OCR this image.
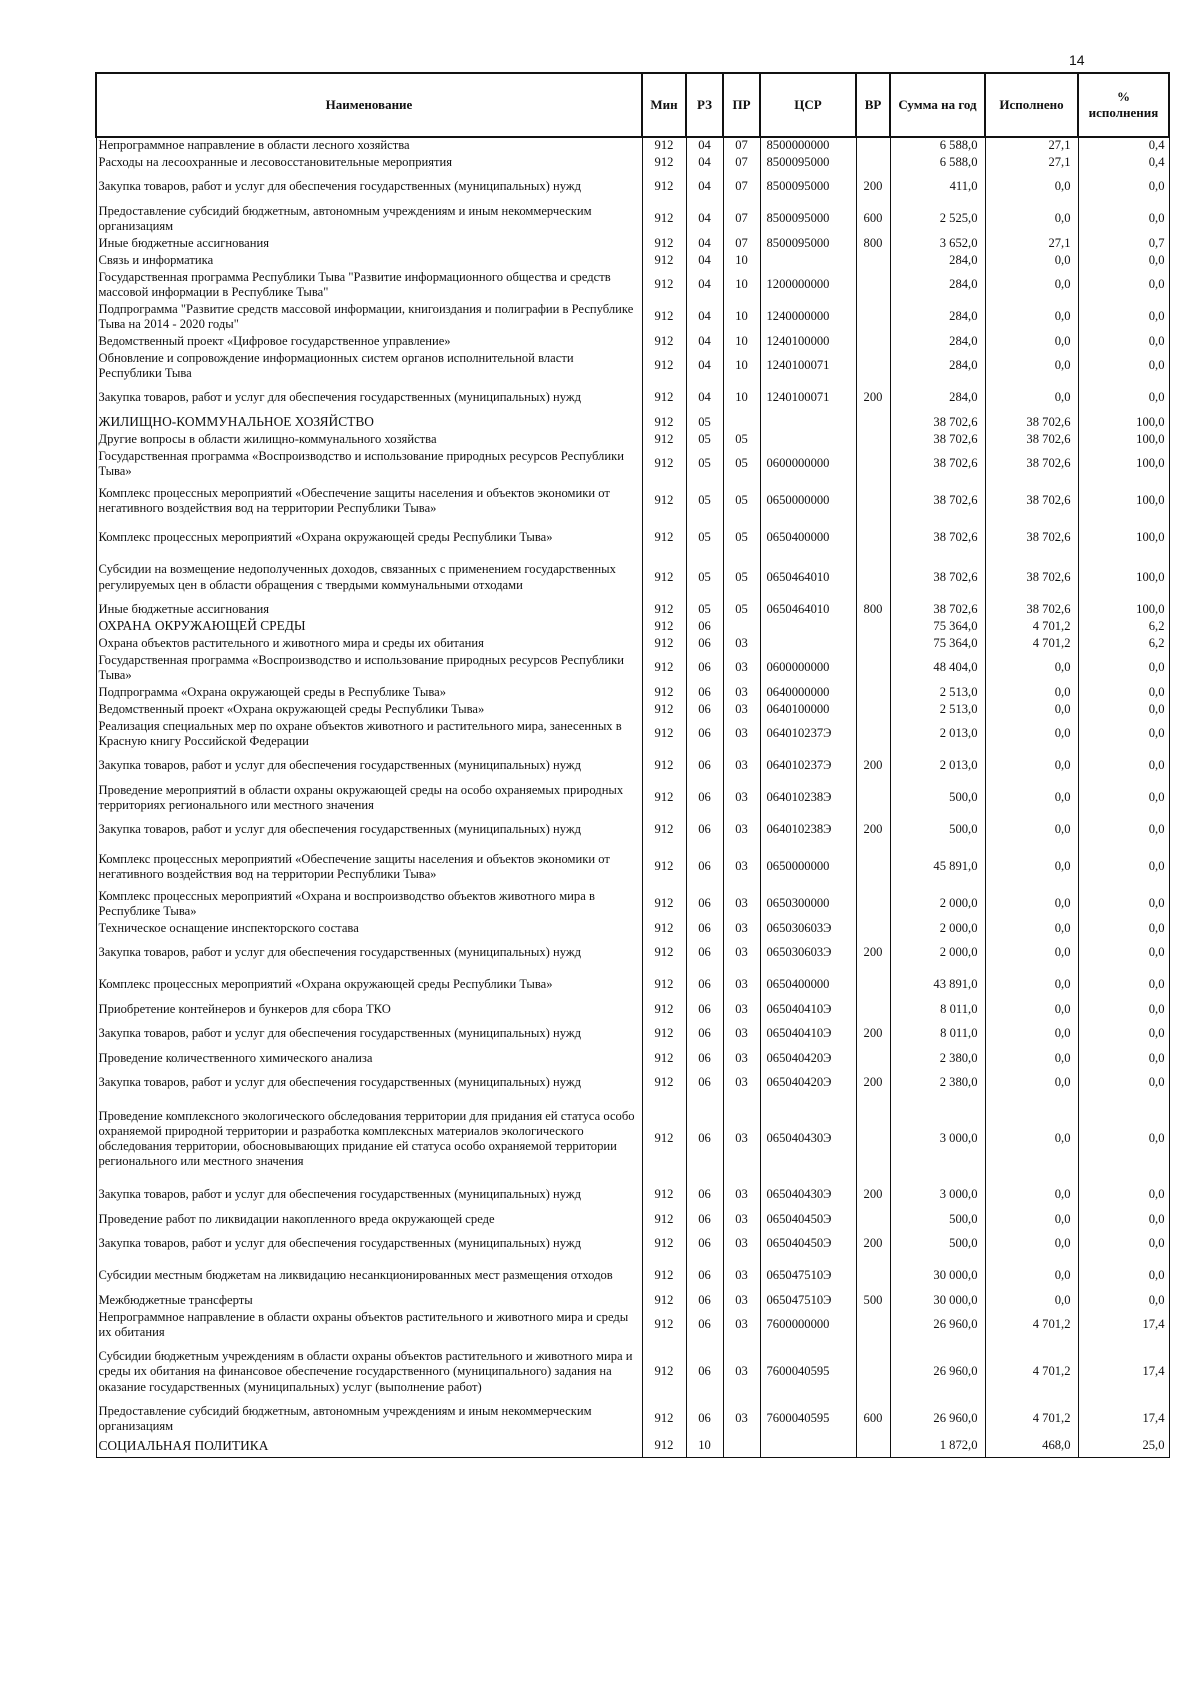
14
Наименование	Мин	РЗ	ПР	ЦСР	ВР	Сумма на год	Исполнено	% исполнения
Непрограммное направление в области лесного хозяйства	912	04	07	8500000000		6 588,0	27,1	0,4
Расходы на лесоохранные и лесовосстановительные мероприятия	912	04	07	8500095000		6 588,0	27,1	0,4
Закупка товаров, работ и услуг для обеспечения государственных (муниципальных) нужд	912	04	07	8500095000	200	411,0	0,0	0,0
Предоставление субсидий бюджетным, автономным учреждениям и иным некоммерческим организациям	912	04	07	8500095000	600	2 525,0	0,0	0,0
Иные бюджетные ассигнования	912	04	07	8500095000	800	3 652,0	27,1	0,7
Связь и информатика	912	04	10			284,0	0,0	0,0
Государственная программа Республики Тыва "Развитие информационного общества и средств массовой информации в Республике Тыва"	912	04	10	1200000000		284,0	0,0	0,0
Подпрограмма "Развитие средств массовой информации, книгоиздания и полиграфии в Республике Тыва на 2014 - 2020 годы"	912	04	10	1240000000		284,0	0,0	0,0
Ведомственный проект «Цифровое государственное управление»	912	04	10	1240100000		284,0	0,0	0,0
Обновление и сопровождение информационных систем органов исполнительной власти Республики Тыва	912	04	10	1240100071		284,0	0,0	0,0
Закупка товаров, работ и услуг для обеспечения государственных (муниципальных) нужд	912	04	10	1240100071	200	284,0	0,0	0,0
ЖИЛИЩНО-КОММУНАЛЬНОЕ ХОЗЯЙСТВО	912	05				38 702,6	38 702,6	100,0
Другие вопросы в области жилищно-коммунального хозяйства	912	05	05			38 702,6	38 702,6	100,0
Государственная программа «Воспроизводство и использование природных ресурсов Республики Тыва»	912	05	05	0600000000		38 702,6	38 702,6	100,0
Комплекс процессных мероприятий «Обеспечение защиты населения и объектов экономики от негативного воздействия вод на территории Республики Тыва»	912	05	05	0650000000		38 702,6	38 702,6	100,0
Комплекс процессных мероприятий «Охрана окружающей среды Республики Тыва»	912	05	05	0650400000		38 702,6	38 702,6	100,0
Субсидии на возмещение недополученных доходов, связанных с применением государственных регулируемых цен в области обращения с твердыми коммунальными отходами	912	05	05	0650464010		38 702,6	38 702,6	100,0
Иные бюджетные ассигнования	912	05	05	0650464010	800	38 702,6	38 702,6	100,0
ОХРАНА ОКРУЖАЮЩЕЙ СРЕДЫ	912	06				75 364,0	4 701,2	6,2
Охрана объектов растительного и животного мира и среды их обитания	912	06	03			75 364,0	4 701,2	6,2
Государственная программа «Воспроизводство и использование природных ресурсов Республики Тыва»	912	06	03	0600000000		48 404,0	0,0	0,0
Подпрограмма «Охрана окружающей среды в Республике Тыва»	912	06	03	0640000000		2 513,0	0,0	0,0
Ведомственный проект «Охрана окружающей среды Республики Тыва»	912	06	03	0640100000		2 513,0	0,0	0,0
Реализация специальных мер по охране объектов животного и растительного мира, занесенных в Красную книгу Российской Федерации	912	06	03	064010237Э		2 013,0	0,0	0,0
Закупка товаров, работ и услуг для обеспечения государственных (муниципальных) нужд	912	06	03	064010237Э	200	2 013,0	0,0	0,0
Проведение мероприятий в области охраны окружающей среды на особо охраняемых природных территориях регионального или местного значения	912	06	03	064010238Э		500,0	0,0	0,0
Закупка товаров, работ и услуг для обеспечения государственных (муниципальных) нужд	912	06	03	064010238Э	200	500,0	0,0	0,0
Комплекс процессных мероприятий «Обеспечение защиты населения и объектов экономики от негативного воздействия вод на территории Республики Тыва»	912	06	03	0650000000		45 891,0	0,0	0,0
Комплекс процессных мероприятий «Охрана и воспроизводство объектов животного мира в Республике Тыва»	912	06	03	0650300000		2 000,0	0,0	0,0
Техническое оснащение инспекторского состава	912	06	03	065030603Э		2 000,0	0,0	0,0
Закупка товаров, работ и услуг для обеспечения государственных (муниципальных) нужд	912	06	03	065030603Э	200	2 000,0	0,0	0,0
Комплекс процессных мероприятий «Охрана окружающей среды Республики Тыва»	912	06	03	0650400000		43 891,0	0,0	0,0
Приобретение контейнеров и бункеров для сбора ТКО	912	06	03	065040410Э		8 011,0	0,0	0,0
Закупка товаров, работ и услуг для обеспечения государственных (муниципальных) нужд	912	06	03	065040410Э	200	8 011,0	0,0	0,0
Проведение количественного химического анализа	912	06	03	065040420Э		2 380,0	0,0	0,0
Закупка товаров, работ и услуг для обеспечения государственных (муниципальных) нужд	912	06	03	065040420Э	200	2 380,0	0,0	0,0
Проведение комплексного экологического обследования территории для придания ей статуса особо охраняемой природной территории и разработка комплексных материалов экологического обследования территории, обосновывающих придание ей статуса особо охраняемой территории регионального или местного значения	912	06	03	065040430Э		3 000,0	0,0	0,0
Закупка товаров, работ и услуг для обеспечения государственных (муниципальных) нужд	912	06	03	065040430Э	200	3 000,0	0,0	0,0
Проведение работ по ликвидации накопленного вреда окружающей среде	912	06	03	065040450Э		500,0	0,0	0,0
Закупка товаров, работ и услуг для обеспечения государственных (муниципальных) нужд	912	06	03	065040450Э	200	500,0	0,0	0,0
Субсидии местным бюджетам на ликвидацию несанкционированных мест размещения отходов	912	06	03	065047510Э		30 000,0	0,0	0,0
Межбюджетные трансферты	912	06	03	065047510Э	500	30 000,0	0,0	0,0
Непрограммное направление в области охраны объектов растительного и животного мира и среды их обитания	912	06	03	7600000000		26 960,0	4 701,2	17,4
Субсидии бюджетным учреждениям в области охраны объектов растительного и животного мира и среды их обитания на финансовое обеспечение государственного (муниципального) задания на оказание государственных (муниципальных) услуг (выполнение работ)	912	06	03	7600040595		26 960,0	4 701,2	17,4
Предоставление субсидий бюджетным, автономным учреждениям и иным некоммерческим организациям	912	06	03	7600040595	600	26 960,0	4 701,2	17,4
СОЦИАЛЬНАЯ ПОЛИТИКА	912	10				1 872,0	468,0	25,0
